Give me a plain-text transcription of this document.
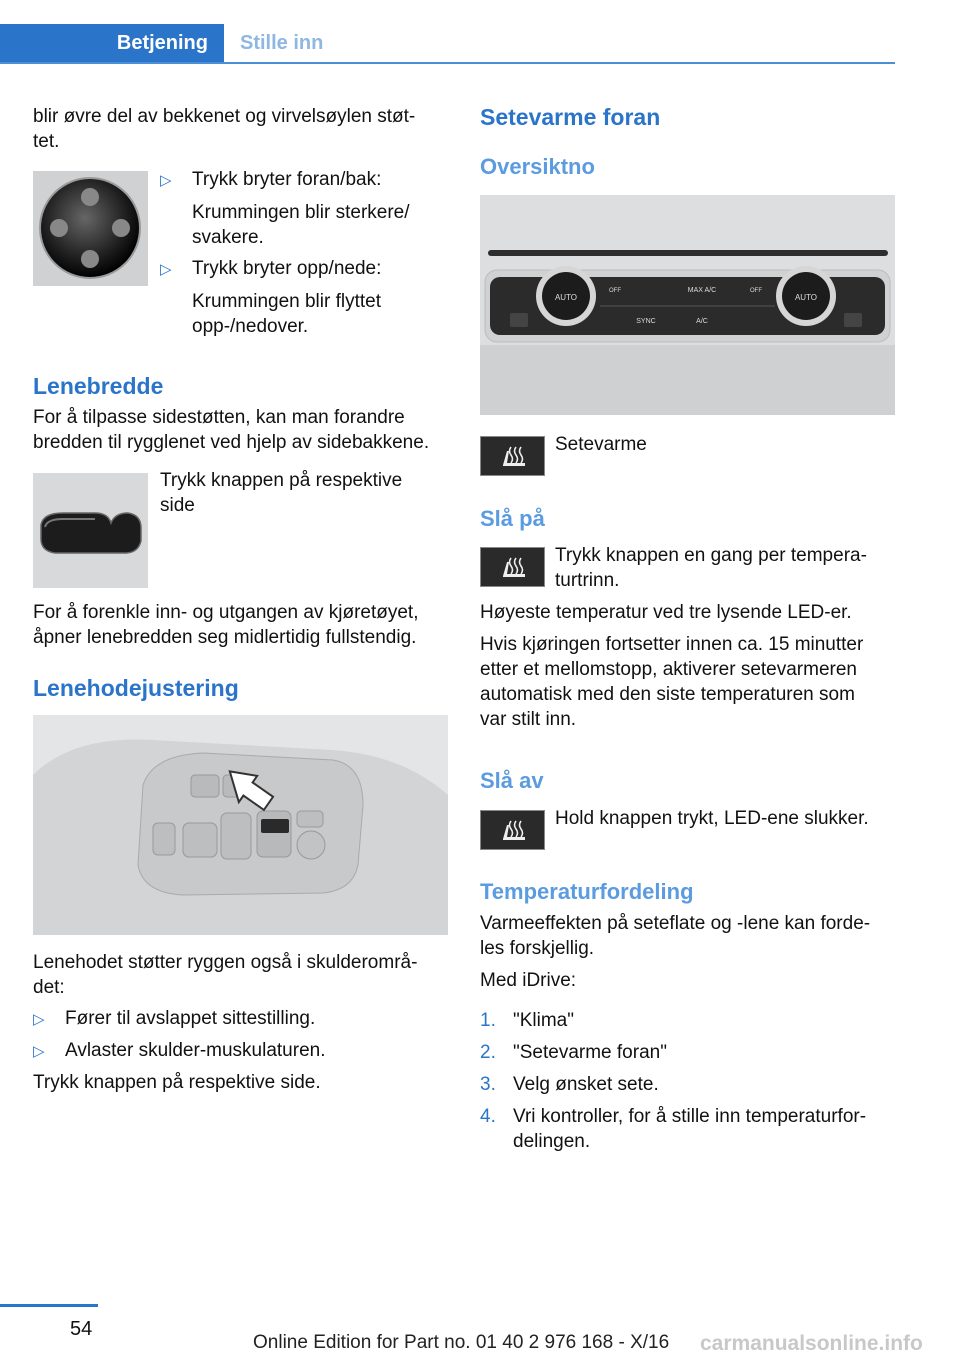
Betjening	Stille inn
blir øvre del av bekkenet og virvelsøylen støt-
tet.
▷	Trykk bryter foran/bak:
Krummingen blir sterkere/
svakere.
▷	Trykk bryter opp/nede:
Krummingen blir flyttet
opp-/nedover.
Lenebredde
For å tilpasse sidestøtten, kan man forandre
bredden til rygglenet ved hjelp av sidebakkene.
Trykk knappen på respektive
side
For å forenkle inn- og utgangen av kjøretøyet,
åpner lenebredden seg midlertidig fullstendig.
Lenehodejustering
Lenehodet støtter ryggen også i skulderområ-
det:
▷	Fører til avslappet sittestilling.
▷	Avlaster skulder-muskulaturen.
Trykk knappen på respektive side.
Setevarme foran
Oversiktno
AUTO	AUTO
MAX A/C
SYNC	A/C
OFF	OFF
Setevarme
Slå på
Trykk knappen en gang per tempera-
turtrinn.
Høyeste temperatur ved tre lysende LED-er.
Hvis kjøringen fortsetter innen ca. 15 minutter
etter et mellomstopp, aktiverer setevarmeren
automatisk med den siste temperaturen som
var stilt inn.
Slå av
Hold knappen trykt, LED-ene slukker.
Temperaturfordeling
Varmeeffekten på seteflate og -lene kan forde-
les forskjellig.
Med iDrive:
1. "Klima"
2. "Setevarme foran"
3. Velg ønsket sete.
4. Vri kontroller, for å stille inn temperaturfor-
delingen.
54
Online Edition for Part no. 01 40 2 976 168 - X/16 carmanualsonline.info
